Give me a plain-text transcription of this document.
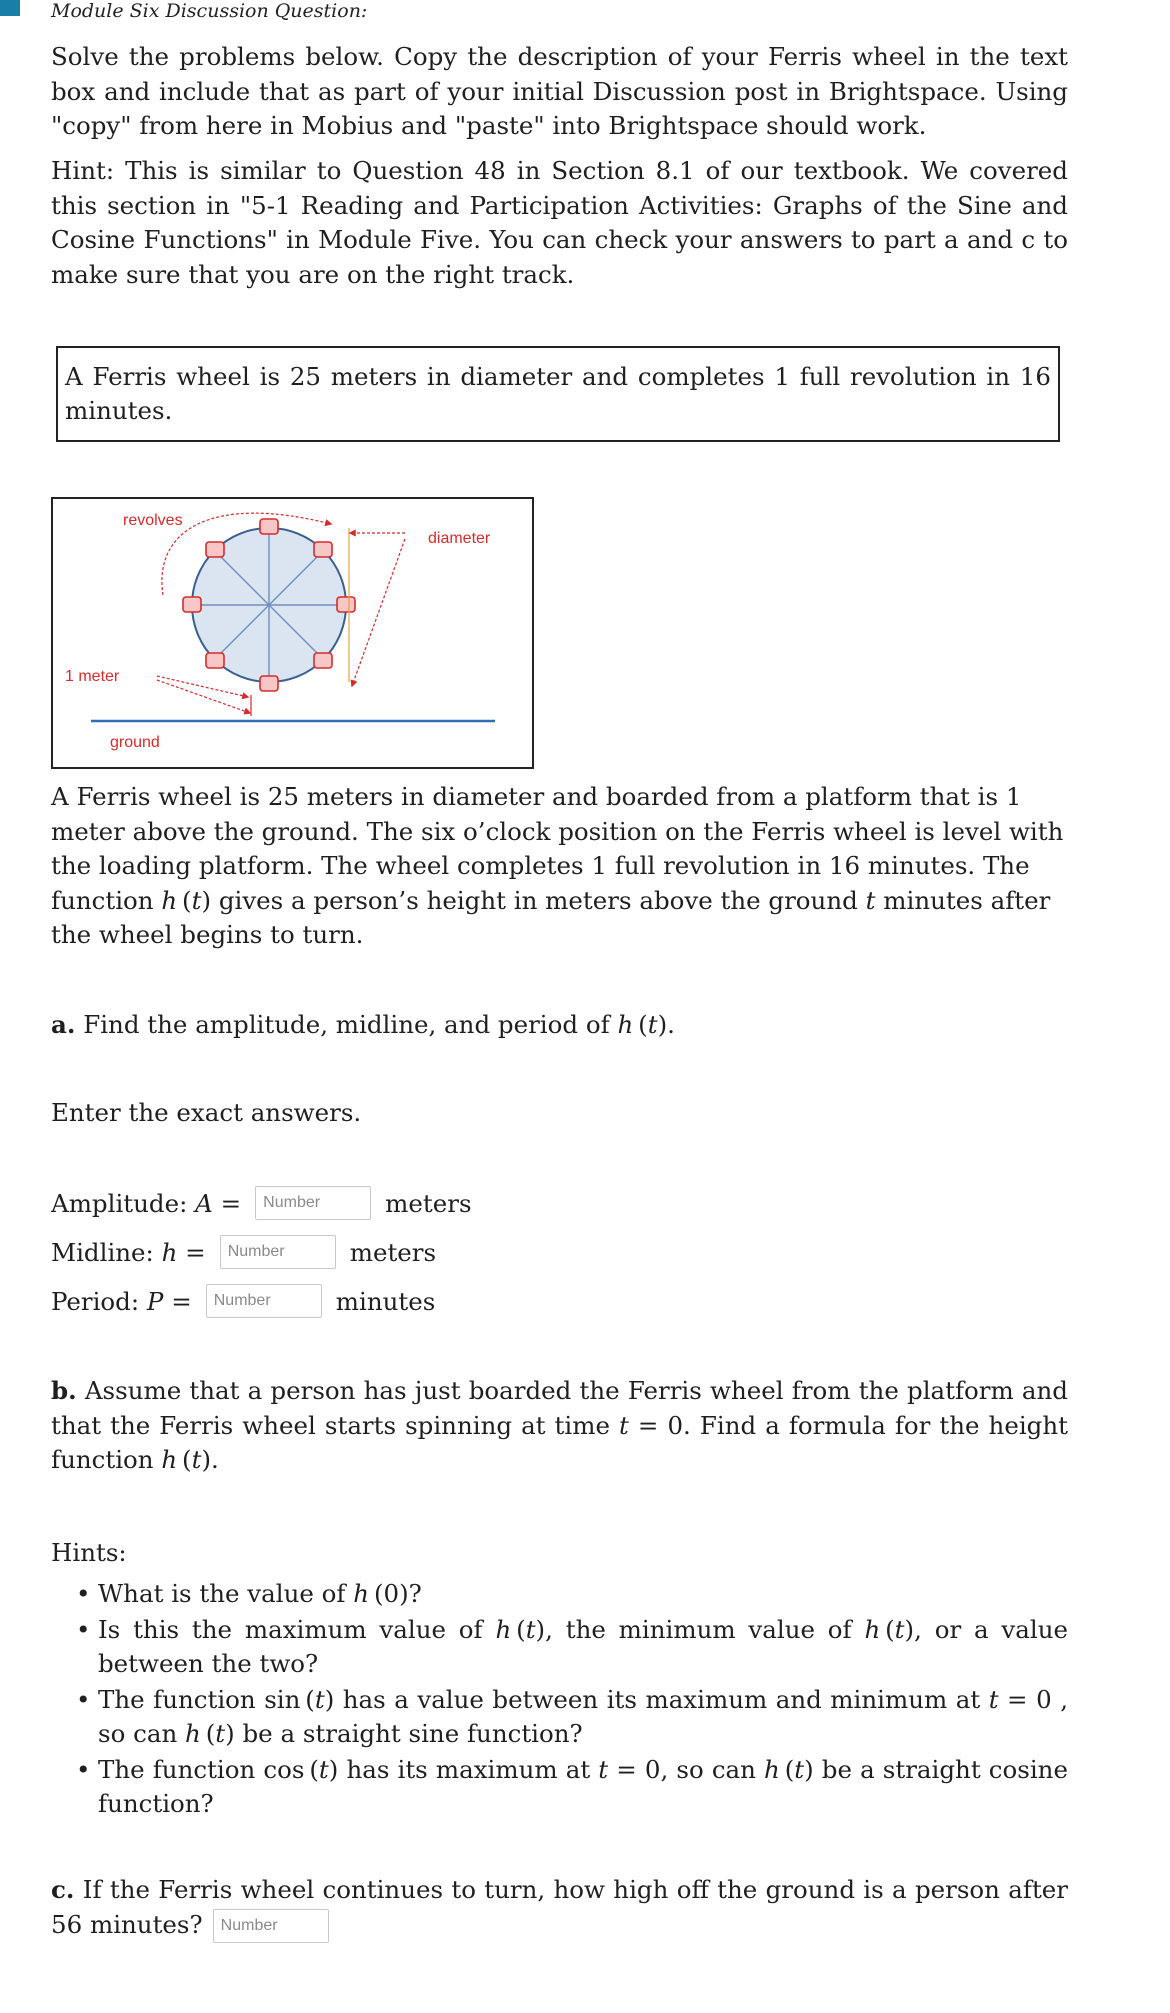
Module Six Discussion Question:

Solve the problems below. Copy the description of your Ferris wheel in the text box and include that as part of your initial Discussion post in Brightspace. Using "copy" from here in Mobius and "paste" into Brightspace should work.

Hint: This is similar to Question 48 in Section 8.1 of our textbook. We covered this section in "5-1 Reading and Participation Activities: Graphs of the Sine and Cosine Functions" in Module Five. You can check your answers to part a and c to make sure that you are on the right track.

A Ferris wheel is 25 meters in diameter and completes 1 full revolution in 16 minutes.
revolves
diameter
1 meter
ground

A Ferris wheel is 25 meters in diameter and boarded from a platform that is 1 meter above the ground. The six o’clock position on the Ferris wheel is level with the loading platform. The wheel completes 1 full revolution in 16 minutes. The function h (t) gives a person’s height in meters above the ground t minutes after the wheel begins to turn.

a. Find the amplitude, midline, and period of h (t).

Enter the exact answers.

Amplitude:
A =
Number	meters
Midline:
h =
Number	meters
Period:
P =
Number	minutes

b. Assume that a person has just boarded the Ferris wheel from the platform and that the Ferris wheel starts spinning at time t = 0. Find a formula for the height function h (t).

Hints:

• What is the value of h (0)?
• Is this the maximum value of h (t), the minimum value of h (t), or a value between the two?
• The function sin (t) has a value between its maximum and minimum at t = 0 , so can h (t) be a straight sine function?
• The function cos (t) has its maximum at t = 0, so can h (t) be a straight cosine function?
c. If the Ferris wheel continues to turn, how high off the ground is a person after 56 minutes?Number
